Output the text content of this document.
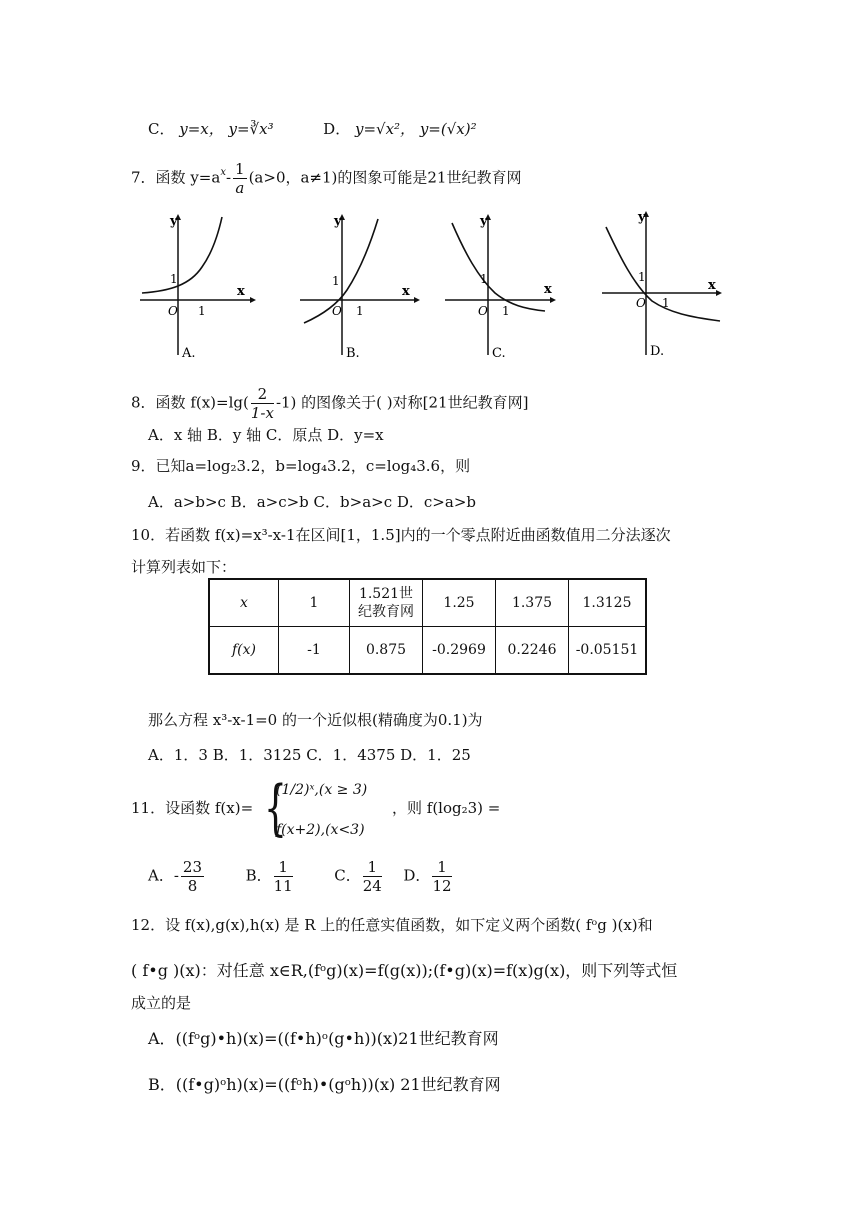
C． y=x， y=∛x³	D． y=√x²， y=(√x)²
7．函数 $y=a^x- \frac{1}{a} (a>0$，a≠1)的图象可能是21世纪教育网
y
x
O
1
1
A.
y
x
O
1
1
B.
y
x
O
1
1
C.
y
x
O
1
1
D.
8．函数 $f(x)=\lg( \frac{2}{1-x} -1)$ 的图像关于( )对称[21世纪教育网]
A．x 轴 B．y 轴 C．原点 D．y=x
9．已知a=log₂3.2，b=log₄3.2，c=log₄3.6，则
A．a>b>c B．a>c>b C．b>a>c D．c>a>b
10．若函数 f(x)=x³-x-1在区间[1，1.5]内的一个零点附近曲函数值用二分法逐次
计算列表如下：
x	1	1.521世纪教育网	1.25	1.375	1.3125
f(x)	-1	0.875	-0.2969	0.2246	-0.05151
那么方程 x³-x-1=0 的一个近似根(精确度为0.1)为
A．1．3 B．1．3125 C．1．4375 D．1．25
11．设函数 f(x)= {
(1/2)ˣ,(x ≥ 3)
f(x+2),(x<3)
，则 f(log₂3) =
A．- $\frac{23}{8}$	B． $\frac{1}{11}$	C． $\frac{1}{24}$ D． $\frac{1}{12}$
12．设 f(x),g(x),h(x) 是 R 上的任意实值函数，如下定义两个函数( fᵒg )(x)和
( f•g )(x)：对任意 x∈R,(fᵒg)(x)=f(g(x));(f•g)(x)=f(x)g(x)，则下列等式恒
成立的是
A．((fᵒg)•h)(x)=((f•h)ᵒ(g•h))(x)21世纪教育网
B．((f•g)ᵒh)(x)=((fᵒh)•(gᵒh))(x) 21世纪教育网
